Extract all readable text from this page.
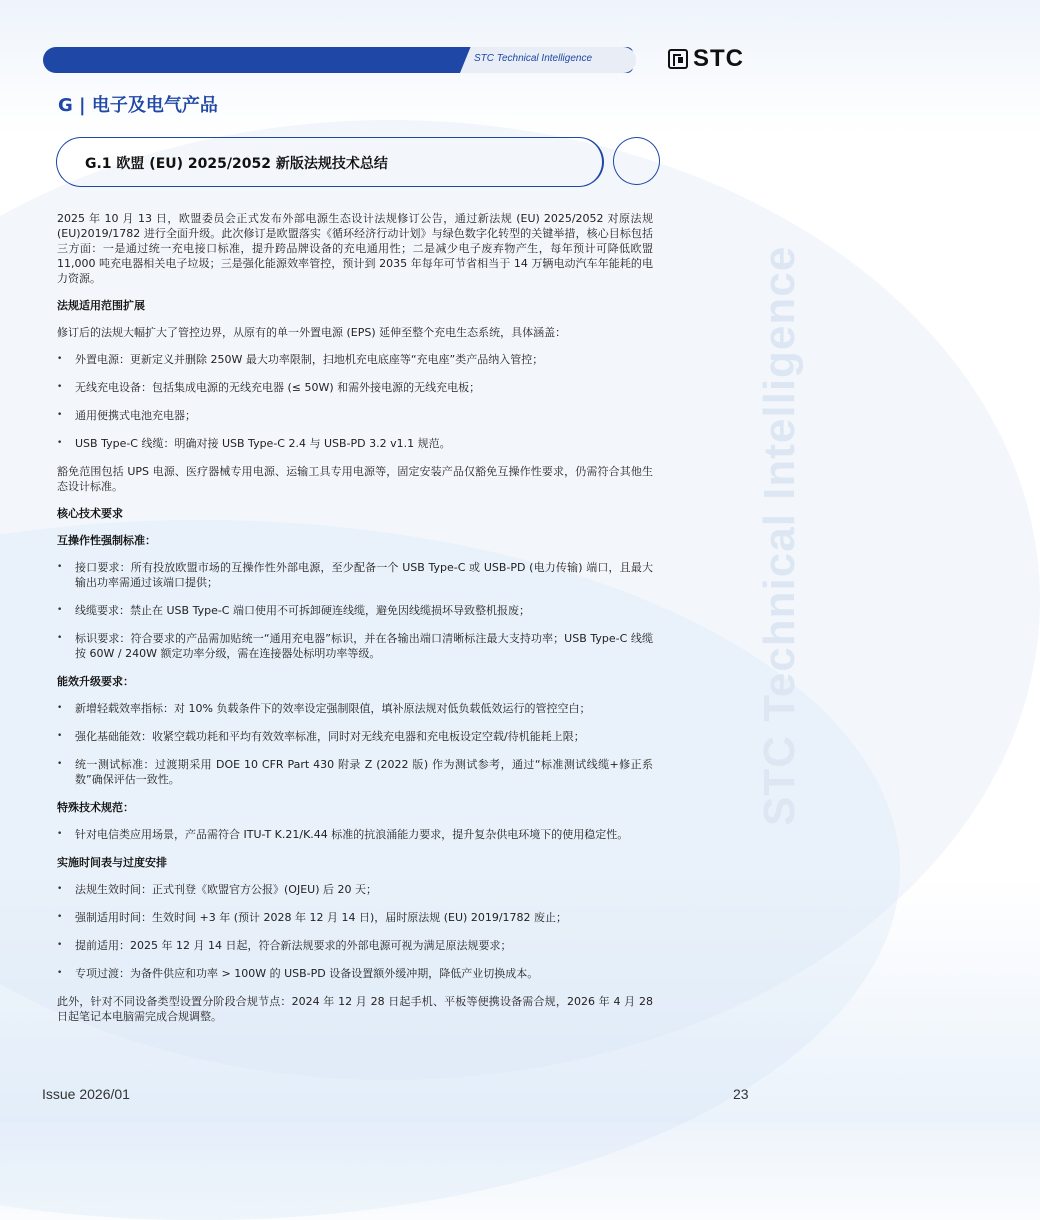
STC Technical Intelligence	STC
STC Technical Intelligence
G | 电子及电气产品
G.1 欧盟 (EU) 2025/2052 新版法规技术总结

2025 年 10 月 13 日，欧盟委员会正式发布外部电源生态设计法规修订公告，通过新法规 (EU) 2025/2052 对原法规 (EU)2019/1782 进行全面升级。此次修订是欧盟落实《循环经济行动计划》与绿色数字化转型的关键举措，核心目标包括三方面：一是通过统一充电接口标准，提升跨品牌设备的充电通用性；二是减少电子废弃物产生，每年预计可降低欧盟 11,000 吨充电器相关电子垃圾；三是强化能源效率管控，预计到 2035 年每年可节省相当于 14 万辆电动汽车年能耗的电力资源。

法规适用范围扩展

修订后的法规大幅扩大了管控边界，从原有的单一外置电源 (EPS) 延伸至整个充电生态系统，具体涵盖：

• 外置电源：更新定义并删除 250W 最大功率限制，扫地机充电底座等“充电座”类产品纳入管控；
• 无线充电设备：包括集成电源的无线充电器 (≤ 50W) 和需外接电源的无线充电板；
• 通用便携式电池充电器；
• USB Type-C 线缆：明确对接 USB Type-C 2.4 与 USB-PD 3.2 v1.1 规范。

豁免范围包括 UPS 电源、医疗器械专用电源、运输工具专用电源等，固定安装产品仅豁免互操作性要求，仍需符合其他生态设计标准。

核心技术要求

互操作性强制标准：

• 接口要求：所有投放欧盟市场的互操作性外部电源，至少配备一个 USB Type-C 或 USB-PD (电力传输) 端口，且最大输出功率需通过该端口提供；
• 线缆要求：禁止在 USB Type-C 端口使用不可拆卸硬连线缆，避免因线缆损坏导致整机报废；
• 标识要求：符合要求的产品需加贴统一“通用充电器”标识，并在各输出端口清晰标注最大支持功率；USB Type-C 线缆按 60W / 240W 额定功率分级，需在连接器处标明功率等级。

能效升级要求：

• 新增轻载效率指标：对 10% 负载条件下的效率设定强制限值，填补原法规对低负载低效运行的管控空白；
• 强化基础能效：收紧空载功耗和平均有效效率标准，同时对无线充电器和充电板设定空载/待机能耗上限；
• 统一测试标准：过渡期采用 DOE 10 CFR Part 430 附录 Z (2022 版) 作为测试参考，通过“标准测试线缆+修正系数”确保评估一致性。

特殊技术规范：

• 针对电信类应用场景，产品需符合 ITU-T K.21/K.44 标准的抗浪涌能力要求，提升复杂供电环境下的使用稳定性。

实施时间表与过度安排

• 法规生效时间：正式刊登《欧盟官方公报》(OJEU) 后 20 天；
• 强制适用时间：生效时间 +3 年 (预计 2028 年 12 月 14 日)，届时原法规 (EU) 2019/1782 废止；
• 提前适用：2025 年 12 月 14 日起，符合新法规要求的外部电源可视为满足原法规要求；
• 专项过渡：为备件供应和功率 > 100W 的 USB-PD 设备设置额外缓冲期，降低产业切换成本。

此外，针对不同设备类型设置分阶段合规节点：2024 年 12 月 28 日起手机、平板等便携设备需合规，2026 年 4 月 28 日起笔记本电脑需完成合规调整。

Issue 2026/01	23
